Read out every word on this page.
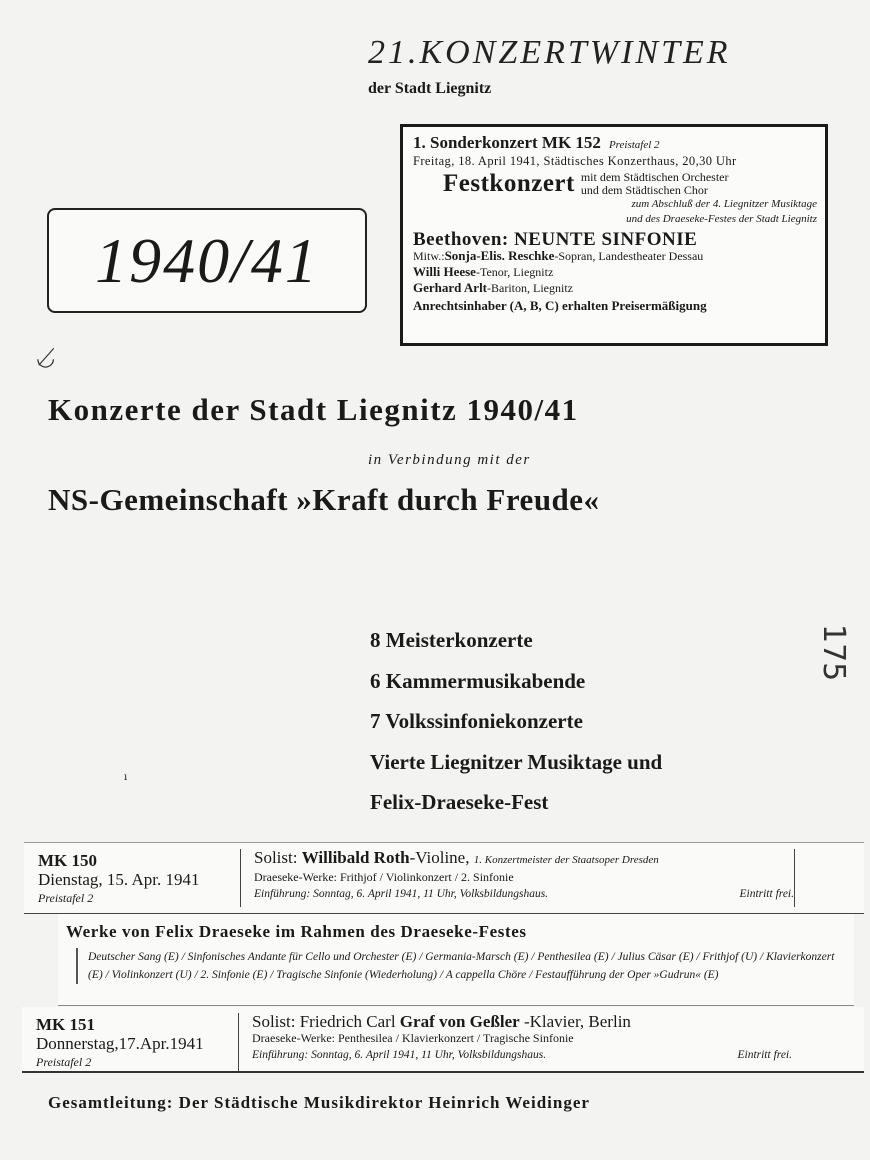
21.KONZERTWINTER
der Stadt Liegnitz
1. Sonderkonzert MK 152 Preistafel 2
Freitag, 18. April 1941, Städtisches Konzerthaus, 20,30 Uhr
Festkonzert mit dem Städtischen Orchester
und dem Städtischen Chor
zum Abschluß der 4. Liegnitzer Musiktage
und des Draeseke-Festes der Stadt Liegnitz
Beethoven: NEUNTE SINFONIE
Mitw.:Sonja-Elis. Reschke-Sopran, Landestheater Dessau
Willi Heese-Tenor, Liegnitz
Gerhard Arlt-Bariton, Liegnitz
Anrechtsinhaber (A, B, C) erhalten Preisermäßigung
1940/41
◡̸
Konzerte der Stadt Liegnitz 1940/41
in Verbindung mit der
NS-Gemeinschaft »Kraft durch Freude«
8 Meisterkonzerte
6 Kammermusikabende
7 Volkssinfoniekonzerte
Vierte Liegnitzer Musiktage und
Felix-Draeseke-Fest
175
ı
MK 150
Dienstag, 15. Apr. 1941
Preistafel 2
Solist: Willibald Roth-Violine, 1. Konzertmeister der Staatsoper Dresden
Draeseke-Werke: Frithjof / Violinkonzert / 2. Sinfonie
Einführung: Sonntag, 6. April 1941, 11 Uhr, Volksbildungshaus.	Eintritt frei.
Werke von Felix Draeseke im Rahmen des Draeseke-Festes
Deutscher Sang (E) / Sinfonisches Andante für Cello und Orchester (E) / Germania-Marsch (E) / Penthesilea (E) / Julius Cäsar (E) / Frithjof (U) / Klavierkonzert (E) / Violinkonzert (U) / 2. Sinfonie (E) / Tragische Sinfonie (Wiederholung) / A cappella Chöre / Festaufführung der Oper »Gudrun« (E)
MK 151
Donnerstag,17.Apr.1941
Preistafel 2
Solist: Friedrich Carl Graf von Geßler -Klavier, Berlin
Draeseke-Werke: Penthesilea / Klavierkonzert / Tragische Sinfonie
Einführung: Sonntag, 6. April 1941, 11 Uhr, Volksbildungshaus.	Eintritt frei.
Gesamtleitung: Der Städtische Musikdirektor Heinrich Weidinger
